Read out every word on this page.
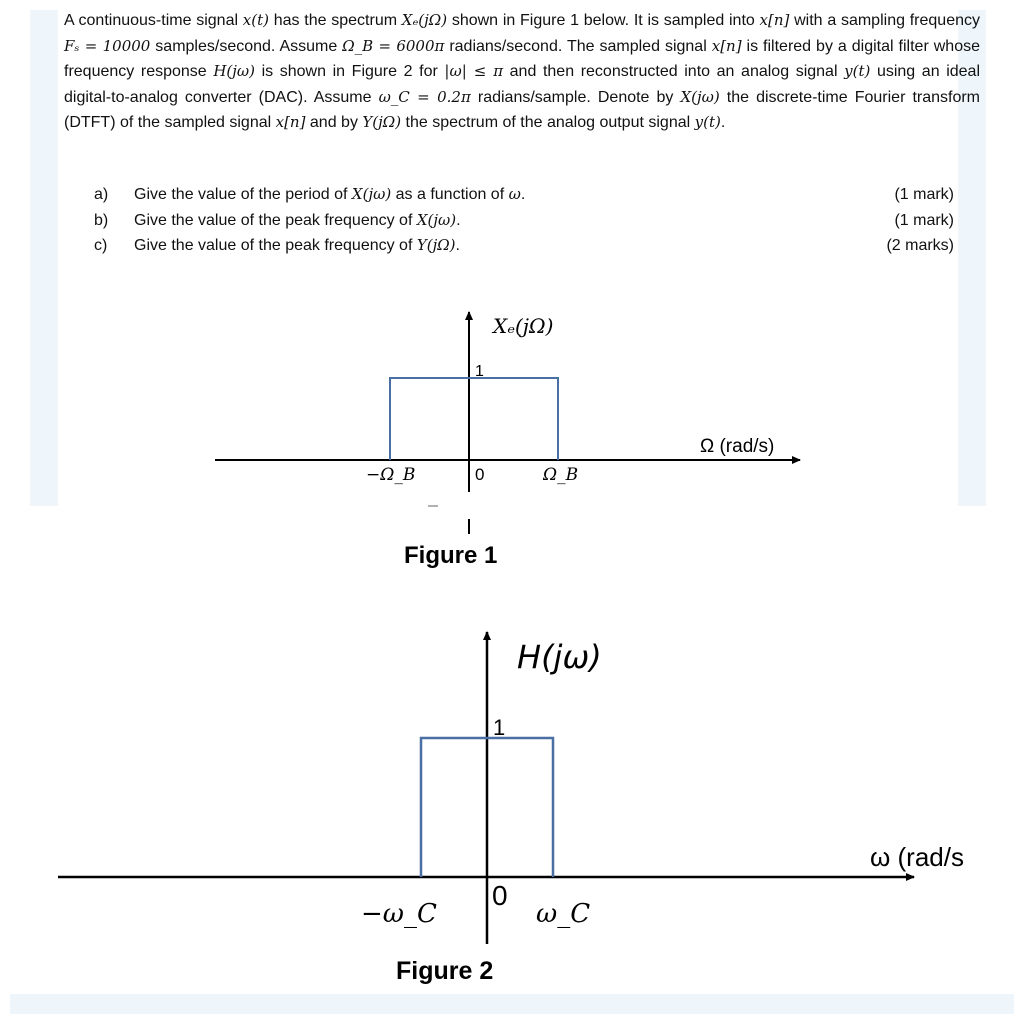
A continuous-time signal x(t) has the spectrum Xₑ(jΩ) shown in Figure 1 below. It is sampled into x[n] with a sampling frequency Fₛ = 10000 samples/second. Assume Ω_B = 6000π radians/second. The sampled signal x[n] is filtered by a digital filter whose frequency response H(jω) is shown in Figure 2 for |ω| ≤ π and then reconstructed into an analog signal y(t) using an ideal digital-to-analog converter (DAC). Assume ω_C = 0.2π radians/sample. Denote by X(jω) the discrete-time Fourier transform (DTFT) of the sampled signal x[n] and by Y(jΩ) the spectrum of the analog output signal y(t).

a) Give the value of the period of X(jω) as a function of ω.	(1 mark)
b) Give the value of the peak frequency of X(jω).	(1 mark)
c) Give the value of the peak frequency of Y(jΩ).	(2 marks)
Xₑ(jΩ)
1
Ω (rad/s)
−Ω_B	0	Ω_B
Figure 1
H(jω)
1
ω (rad/s
−ω_C
0
ω_C
Figure 2
